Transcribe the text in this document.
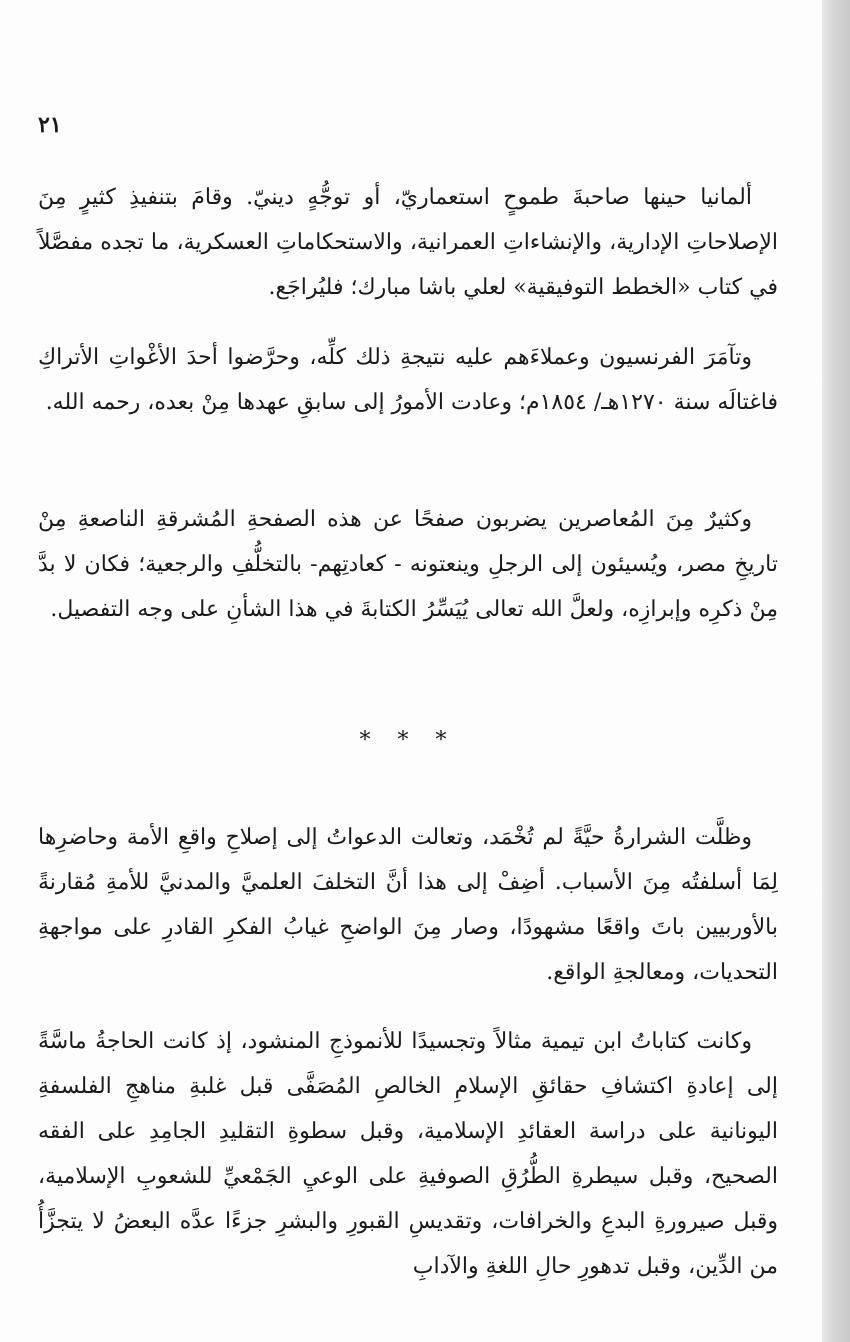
٢١

ألمانيا حينها صاحبةَ طموحٍ استعماريّ، أو توجُّهٍ دينيّ. وقامَ بتنفيذِ كثيرٍ مِنَ الإصلاحاتِ الإدارية، والإنشاءاتِ العمرانية، والاستحكاماتِ العسكرية، ما تجده مفصَّلاً في كتاب «الخطط التوفيقية» لعلي باشا مبارك؛ فليُراجَع.

وتآمَرَ الفرنسيون وعملاءَهم عليه نتيجةِ ذلك كلِّه، وحرَّضوا أحدَ الأغْواتِ الأتراكِ فاغتالَه سنة ١٢٧٠هـ/ ١٨٥٤م؛ وعادت الأمورُ إلى سابقِ عهدها مِنْ بعده، رحمه الله.

وكثيرٌ مِنَ المُعاصرين يضربون صفحًا عن هذه الصفحةِ المُشرقةِ الناصعةِ مِنْ تاريخِ مصر، ويُسيئون إلى الرجلِ وينعتونه - كعادتِهم- بالتخلُّفِ والرجعية؛ فكان لا بدَّ مِنْ ذكرِه وإبرازِه، ولعلَّ الله تعالى يُيَسِّرُ الكتابةَ في هذا الشأنِ على وجه التفصيل.

* * *

وظلَّت الشرارةُ حيَّةً لم تُخْمَد، وتعالت الدعواتُ إلى إصلاحِ واقعِ الأمة وحاضرِها لِمَا أسلفتُه مِنَ الأسباب. أضِفْ إلى هذا أنَّ التخلفَ العلميَّ والمدنيَّ للأمةِ مُقارنةً بالأوربيين باتَ واقعًا مشهودًا، وصار مِنَ الواضحِ غيابُ الفكرِ القادرِ على مواجهةِ التحديات، ومعالجةِ الواقع.

وكانت كتاباتُ ابن تيمية مثالاً وتجسيدًا للأنموذجِ المنشود، إذ كانت الحاجةُ ماسَّةً إلى إعادةِ اكتشافِ حقائقِ الإسلامِ الخالصِ المُصَفَّى قبل غلبةِ مناهجِ الفلسفةِ اليونانية على دراسة العقائدِ الإسلامية، وقبل سطوةِ التقليدِ الجامِدِ على الفقه الصحيح، وقبل سيطرةِ الطُّرُقِ الصوفيةِ على الوعيِ الجَمْعيِّ للشعوبِ الإسلامية، وقبل صيرورةِ البدعِ والخرافات، وتقديسِ القبورِ والبشرِ جزءًا عدَّه البعضُ لا يتجزَّأُ من الدِّين، وقبل تدهورِ حالِ اللغةِ والآدابِ
